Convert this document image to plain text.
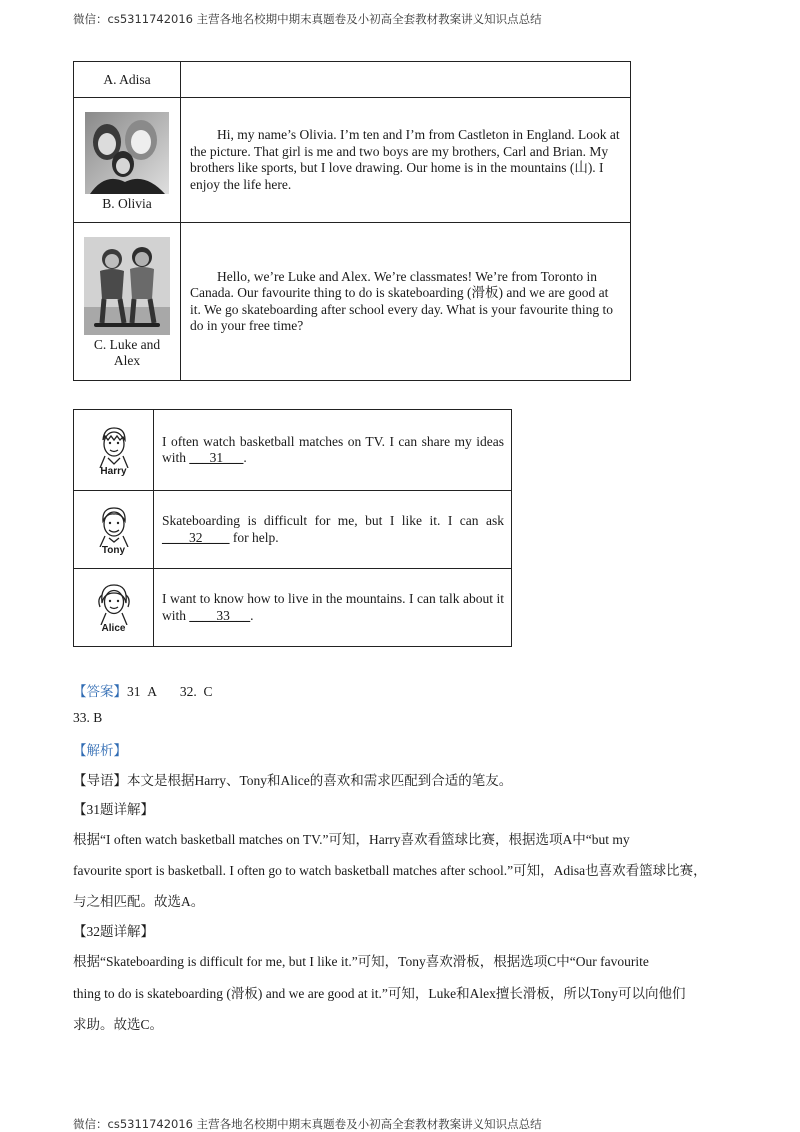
微信：cs5311742016 主营各地名校期中期末真题卷及小初高全套教材教案讲义知识点总结
A. Adisa	

B. Olivia	Hi, my name’s Olivia. I’m ten and I’m from Castleton in England. Look at the picture. That girl is me and two boys are my brothers, Carl and Brian. My brothers like sports, but I love drawing. Our home is in the mountains (山). I enjoy the life here.

C. Luke and Alex	Hello, we’re Luke and Alex. We’re classmates! We’re from Toronto in Canada. Our favourite thing to do is skateboarding (滑板) and we are good at it. We go skateboarding after school every day. What is your favourite thing to do in your free time?

Harry	I often watch basketball matches on TV. I can share my ideas with ___31___.

Tony	Skateboarding is difficult for me, but I like it. I can ask ____32____ for help.

Alice	I want to know how to live in the mountains. I can talk about it with ____33___.
【答案】31  A       32.  C
33. B
【解析】
【导语】本文是根据Harry、Tony和Alice的喜欢和需求匹配到合适的笔友。
【31题详解】
根据“I often watch basketball matches on TV.”可知，Harry喜欢看篮球比赛，根据选项A中“but my
favourite sport is basketball. I often go to watch basketball matches after school.”可知，Adisa也喜欢看篮球比赛，
与之相匹配。故选A。
【32题详解】
根据“Skateboarding is difficult for me, but I like it.”可知，Tony喜欢滑板，根据选项C中“Our favourite
thing to do is skateboarding (滑板) and we are good at it.”可知，Luke和Alex擅长滑板，所以Tony可以向他们
求助。故选C。
微信：cs5311742016 主营各地名校期中期末真题卷及小初高全套教材教案讲义知识点总结
